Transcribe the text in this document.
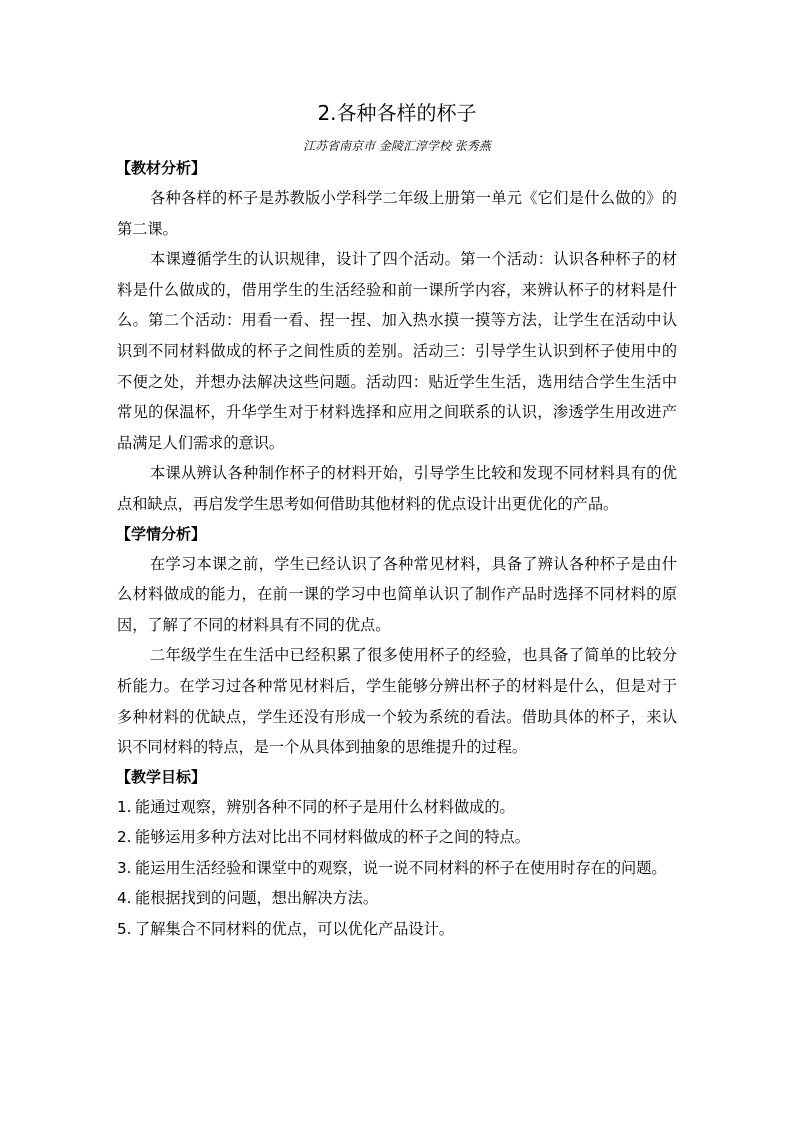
2.各种各样的杯子
江苏省南京市 金陵汇淳学校 张秀燕
【教材分析】

各种各样的杯子是苏教版小学科学二年级上册第一单元《它们是什么做的》的第二课。

本课遵循学生的认识规律，设计了四个活动。第一个活动：认识各种杯子的材料是什么做成的，借用学生的生活经验和前一课所学内容，来辨认杯子的材料是什么。第二个活动：用看一看、捏一捏、加入热水摸一摸等方法，让学生在活动中认识到不同材料做成的杯子之间性质的差别。活动三：引导学生认识到杯子使用中的不便之处，并想办法解决这些问题。活动四：贴近学生生活，选用结合学生生活中常见的保温杯，升华学生对于材料选择和应用之间联系的认识，渗透学生用改进产品满足人们需求的意识。

本课从辨认各种制作杯子的材料开始，引导学生比较和发现不同材料具有的优点和缺点，再启发学生思考如何借助其他材料的优点设计出更优化的产品。

【学情分析】

在学习本课之前，学生已经认识了各种常见材料，具备了辨认各种杯子是由什么材料做成的能力，在前一课的学习中也简单认识了制作产品时选择不同材料的原因，了解了不同的材料具有不同的优点。

二年级学生在生活中已经积累了很多使用杯子的经验，也具备了简单的比较分析能力。在学习过各种常见材料后，学生能够分辨出杯子的材料是什么，但是对于多种材料的优缺点，学生还没有形成一个较为系统的看法。借助具体的杯子，来认识不同材料的特点，是一个从具体到抽象的思维提升的过程。

【教学目标】

1. 能通过观察，辨别各种不同的杯子是用什么材料做成的。

2. 能够运用多种方法对比出不同材料做成的杯子之间的特点。

3. 能运用生活经验和课堂中的观察，说一说不同材料的杯子在使用时存在的问题。

4. 能根据找到的问题，想出解决方法。

5. 了解集合不同材料的优点，可以优化产品设计。
